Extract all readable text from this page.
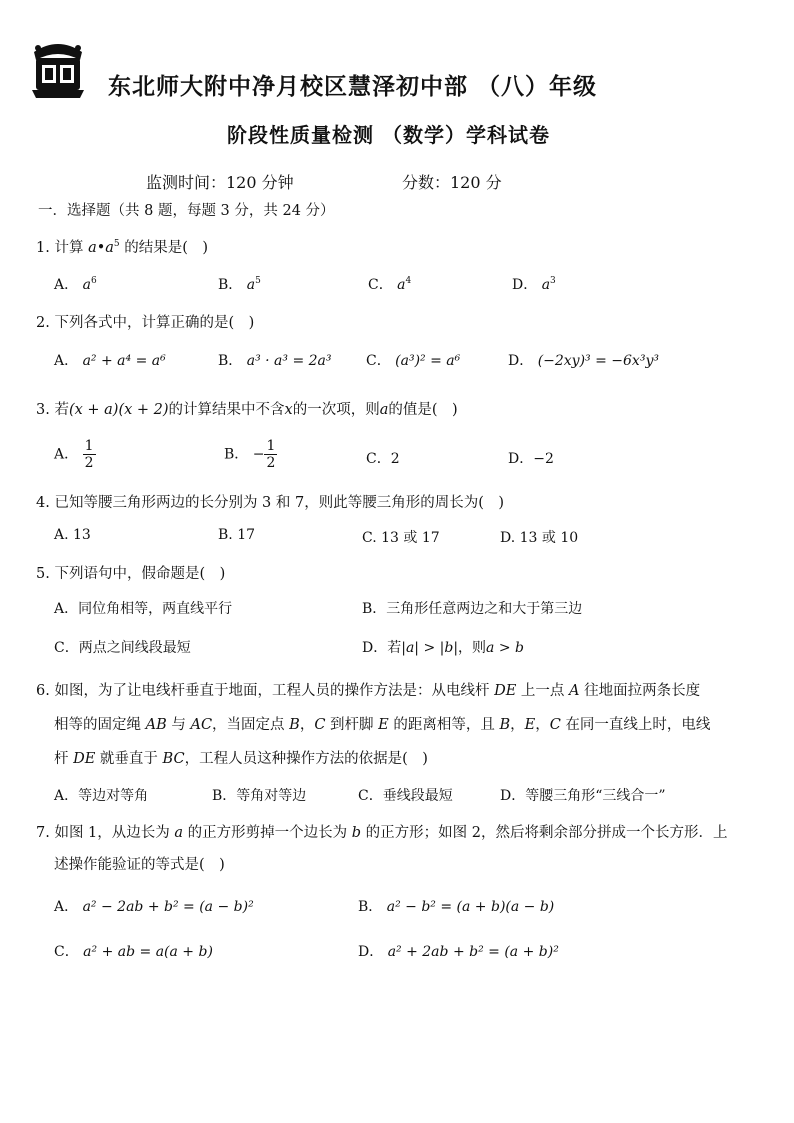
东北师大附中净月校区慧泽初中部 （八）年级
阶段性质量检测 （数学）学科试卷
监测时间：120 分钟	分数：120 分
一．选择题（共 8 题，每题 3 分，共 24 分）
1. 计算 $a•a^5$ 的结果是(　)
A． $a^6$	B． $a^5$	C． $a^4$	D． $a^3$
2. 下列各式中，计算正确的是(　)
A． a² + a⁴ = a⁶	B． a³ · a³ = 2a³ C． (a³)² = a⁶	D． (−2xy)³ = −6x³y³
3. 若(x + a)(x + 2)的计算结果中不含x的一次项，则a的值是(　)
A． $\frac{1}{2}$	B． − $\frac{1}{2}$	C．2	D．−2
4. 已知等腰三角形两边的长分别为 3 和 7，则此等腰三角形的周长为(　)
A. 13	B. 17	C. 13 或 17	D. 13 或 10
5. 下列语句中，假命题是(　)
A．同位角相等，两直线平行	B．三角形任意两边之和大于第三边
C．两点之间线段最短	D．若|a| > |b|，则a > b
6. 如图，为了让电线杆垂直于地面，工程人员的操作方法是：从电线杆 DE 上一点 A 往地面拉两条长度
相等的固定绳 AB 与 AC，当固定点 B，C 到杆脚 E 的距离相等，且 B，E，C 在同一直线上时，电线
杆 DE 就垂直于 BC，工程人员这种操作方法的依据是(　)
A．等边对等角	B．等角对等边	C．垂线段最短	D．等腰三角形“三线合一”
7. 如图 1，从边长为 a 的正方形剪掉一个边长为 b 的正方形；如图 2，然后将剩余部分拼成一个长方形．上
述操作能验证的等式是(　)
A． a² − 2ab + b² = (a − b)²	B． a² − b² = (a + b)(a − b)
C． a² + ab = a(a + b)	D． a² + 2ab + b² = (a + b)²
